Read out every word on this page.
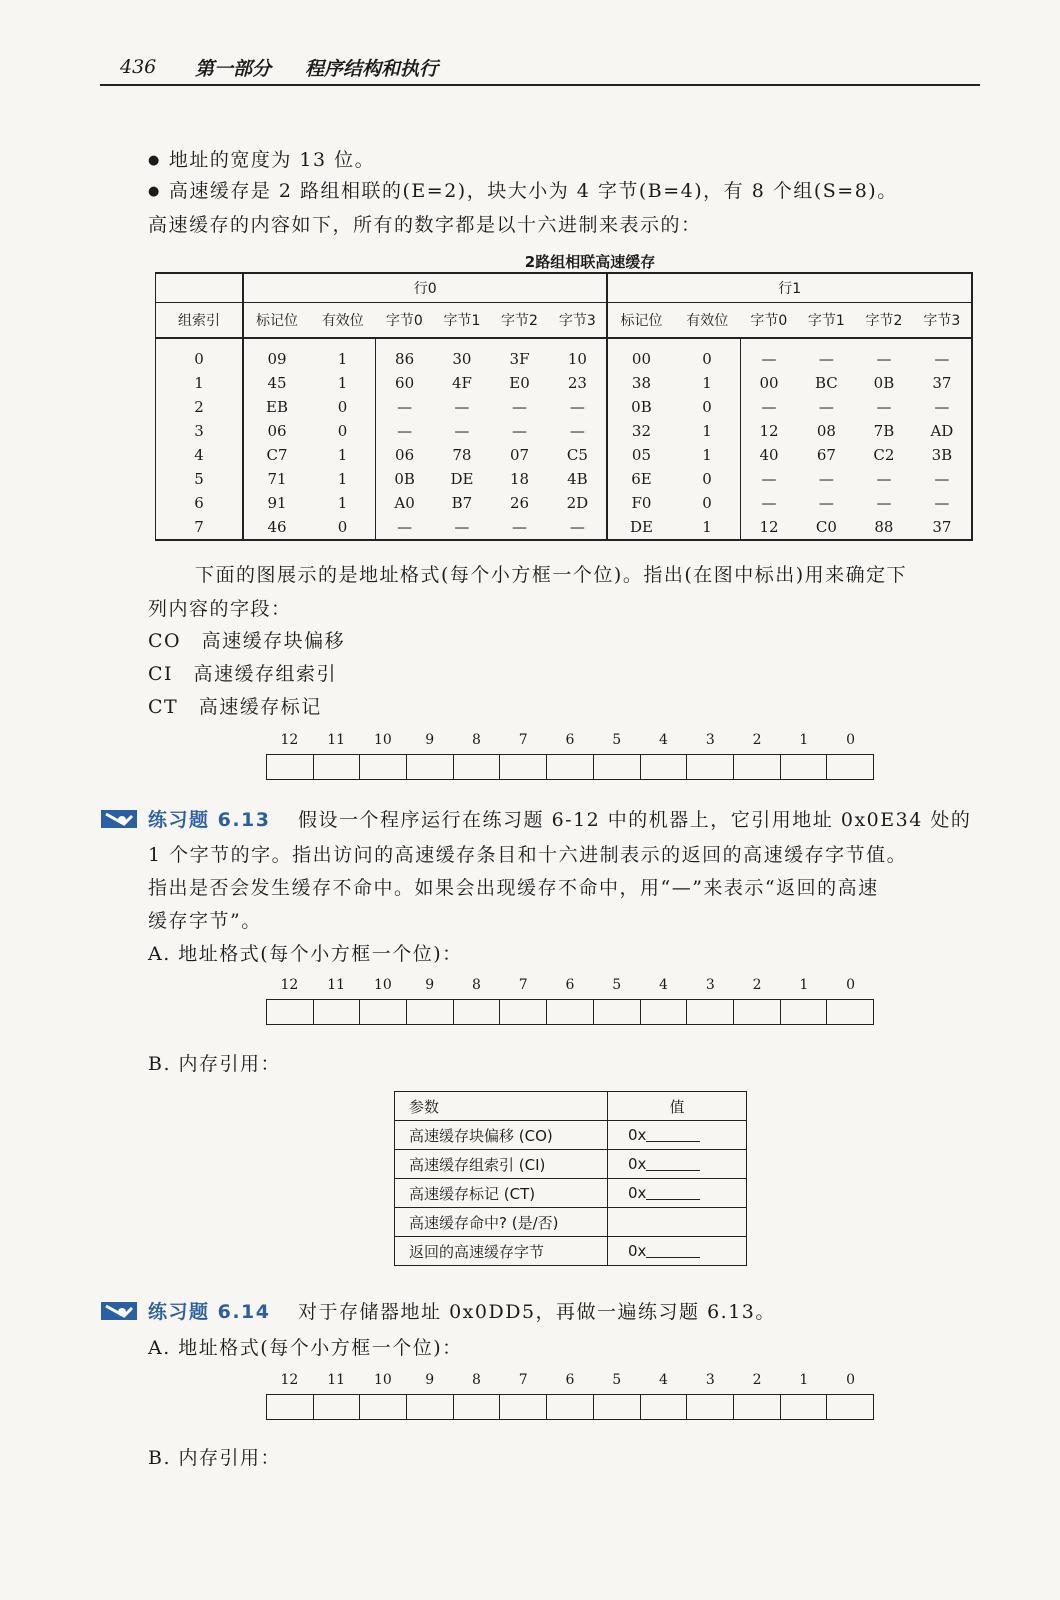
436 第一部分 程序结构和执行
● 地址的宽度为 13 位。
● 高速缓存是 2 路组相联的(E=2)，块大小为 4 字节(B=4)，有 8 个组(S=8)。
高速缓存的内容如下，所有的数字都是以十六进制来表示的：
2路组相联高速缓存
	行0						行1					
组索引	标记位	有效位	字节0	字节1	字节2	字节3	标记位	有效位	字节0	字节1	字节2	字节3
0	09	1	86	30	3F	10	00	0	—	—	—	—
1	45	1	60	4F	E0	23	38	1	00	BC	0B	37
2	EB	0	—	—	—	—	0B	0	—	—	—	—
3	06	0	—	—	—	—	32	1	12	08	7B	AD
4	C7	1	06	78	07	C5	05	1	40	67	C2	3B
5	71	1	0B	DE	18	4B	6E	0	—	—	—	—
6	91	1	A0	B7	26	2D	F0	0	—	—	—	—
7	46	0	—	—	—	—	DE	1	12	C0	88	37
下面的图展示的是地址格式(每个小方框一个位)。指出(在图中标出)用来确定下
列内容的字段：
CO　高速缓存块偏移
CI　高速缓存组索引
CT　高速缓存标记
12	11	10	9	8	7	6	5	4	3	2	1	0
练习题 6.13 假设一个程序运行在练习题 6-12 中的机器上，它引用地址 0x0E34 处的
1 个字节的字。指出访问的高速缓存条目和十六进制表示的返回的高速缓存字节值。
指出是否会发生缓存不命中。如果会出现缓存不命中，用“—”来表示“返回的高速
缓存字节”。
A. 地址格式(每个小方框一个位)：
12	11	10	9	8	7	6	5	4	3	2	1	0
B. 内存引用：
参数	值
高速缓存块偏移 (CO)	0x
高速缓存组索引 (CI)	0x
高速缓存标记 (CT)	0x
高速缓存命中? (是/否)	
返回的高速缓存字节	0x
练习题 6.14 对于存储器地址 0x0DD5，再做一遍练习题 6.13。
A. 地址格式(每个小方框一个位)：
12	11	10	9	8	7	6	5	4	3	2	1	0
B. 内存引用：
